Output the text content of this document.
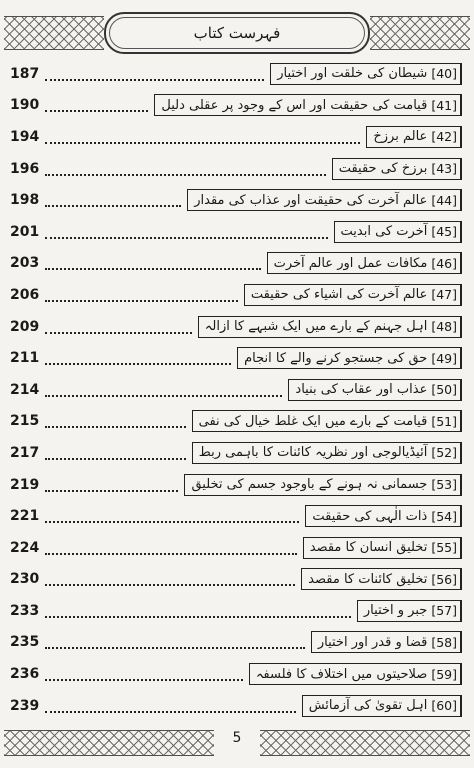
فہرست کتاب
[40]
شیطان کی خلقت اور اختیار
187
[41]
قیامت کی حقیقت اور اس کے وجود پر عقلی دلیل
190
[42]
عالم برزخ
194
[43]
برزخ کی حقیقت
196
[44]
عالم آخرت کی حقیقت اور عذاب کی مقدار
198
[45]
آخرت کی ابدیت
201
[46]
مکافات عمل اور عالم آخرت
203
[47]
عالم آخرت کی اشیاء کی حقیقت
206
[48]
اہل جہنم کے بارے میں ایک شبہے کا ازالہ
209
[49]
حق کی جستجو کرنے والے کا انجام
211
[50]
عذاب اور عقاب کی بنیاد
214
[51]
قیامت کے بارے میں ایک غلط خیال کی نفی
215
[52]
آئیڈیالوجی اور نظریہ کائنات کا باہمی ربط
217
[53]
جسمانی نہ ہونے کے باوجود جسم کی تخلیق
219
[54]
ذات الٰہی کی حقیقت
221
[55]
تخلیق انسان کا مقصد
224
[56]
تخلیق کائنات کا مقصد
230
[57]
جبر و اختیار
233
[58]
قضا و قدر اور اختیار
235
[59]
صلاحیتوں میں اختلاف کا فلسفہ
236
[60]
اہل تقویٰ کی آزمائش
239
5
